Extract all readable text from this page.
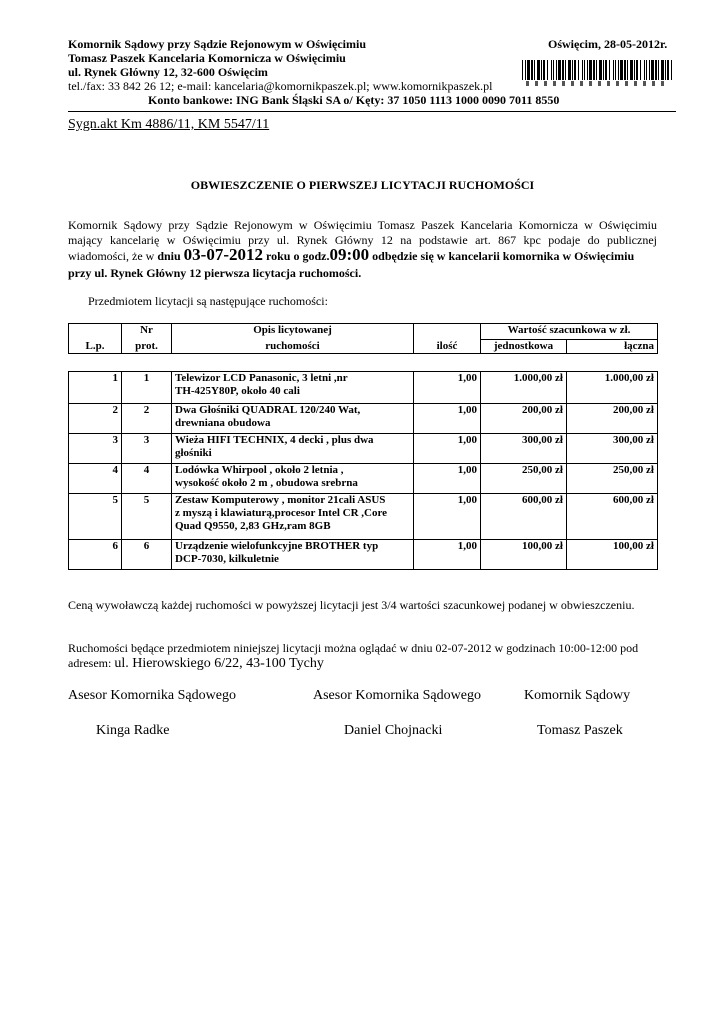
Komornik Sądowy przy Sądzie Rejonowym w Oświęcimiu
Tomasz Paszek Kancelaria Komornicza w Oświęcimiu
ul. Rynek Główny 12, 32-600 Oświęcim
tel./fax: 33 842 26 12; e-mail: kancelaria@komornikpaszek.pl; www.komornikpaszek.pl
Konto bankowe: ING Bank Śląski SA o/ Kęty: 37 1050 1113 1000 0090 7011 8550
Oświęcim, 28-05-2012r.
Sygn.akt Km 4886/11, KM 5547/11
OBWIESZCZENIE O PIERWSZEJ LICYTACJI RUCHOMOŚCI
Komornik Sądowy przy Sądzie Rejonowym w Oświęcimiu Tomasz Paszek Kancelaria Komornicza w Oświęcimiu
mający kancelarię w Oświęcimiu przy ul. Rynek Główny 12 na podstawie art. 867 kpc podaje do publicznej
wiadomości, że w dniu 03-07-2012 roku o godz.09:00 odbędzie się w kancelarii komornika w Oświęcimiu
przy ul. Rynek Główny 12 pierwsza licytacja ruchomości.
Przedmiotem licytacji są następujące ruchomości:
L.p.	Nr	Opis licytowanej	ilość	Wartość szacunkowa w zł.	
	prot.	ruchomości		jednostkowa	łączna
1	1	Telewizor LCD Panasonic, 3 letni ,nr
TH-425Y80P, około 40 cali	1,00	1.000,00 zł	1.000,00 zł
2	2	Dwa Głośniki QUADRAL 120/240 Wat,
drewniana obudowa	1,00	200,00 zł	200,00 zł
3	3	Wieża HIFI TECHNIX, 4 decki , plus dwa
głośniki	1,00	300,00 zł	300,00 zł
4	4	Lodówka Whirpool , około 2 letnia ,
wysokość około 2 m , obudowa srebrna	1,00	250,00 zł	250,00 zł
5	5	Zestaw Komputerowy , monitor 21cali ASUS
z myszą i klawiaturą,procesor Intel CR ,Core
Quad Q9550, 2,83 GHz,ram 8GB	1,00	600,00 zł	600,00 zł
6	6	Urządzenie wielofunkcyjne BROTHER typ
DCP-7030, kilkuletnie	1,00	100,00 zł	100,00 zł
Ceną wywoławczą każdej ruchomości w powyższej licytacji jest 3/4 wartości szacunkowej podanej w obwieszczeniu.
Ruchomości będące przedmiotem niniejszej licytacji można oglądać w dniu 02-07-2012 w godzinach 10:00-12:00 pod
adresem: ul. Hierowskiego 6/22, 43-100 Tychy
Asesor Komornika Sądowego	Asesor Komornika Sądowego	Komornik Sądowy
Kinga Radke	Daniel Chojnacki	Tomasz Paszek
